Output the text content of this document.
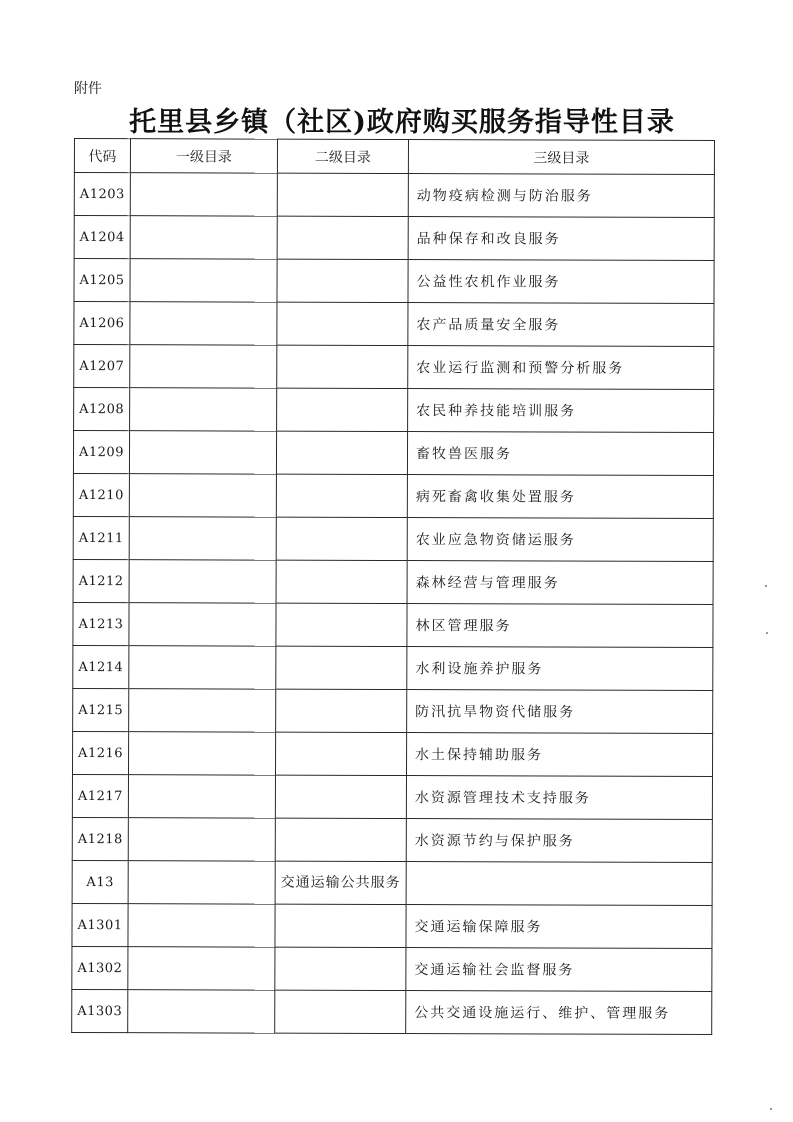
附件
托里县乡镇（社区)政府购买服务指导性目录
代码	一级目录	二级目录	三级目录
A1203			动物疫病检测与防治服务
A1204			品种保存和改良服务
A1205			公益性农机作业服务
A1206			农产品质量安全服务
A1207			农业运行监测和预警分析服务
A1208			农民种养技能培训服务
A1209			畜牧兽医服务
A1210			病死畜禽收集处置服务
A1211			农业应急物资储运服务
A1212			森林经营与管理服务
A1213			林区管理服务
A1214			水利设施养护服务
A1215			防汛抗旱物资代储服务
A1216			水土保持辅助服务
A1217			水资源管理技术支持服务
A1218			水资源节约与保护服务
A13		交通运输公共服务	
A1301			交通运输保障服务
A1302			交通运输社会监督服务
A1303			公共交通设施运行、维护、管理服务
